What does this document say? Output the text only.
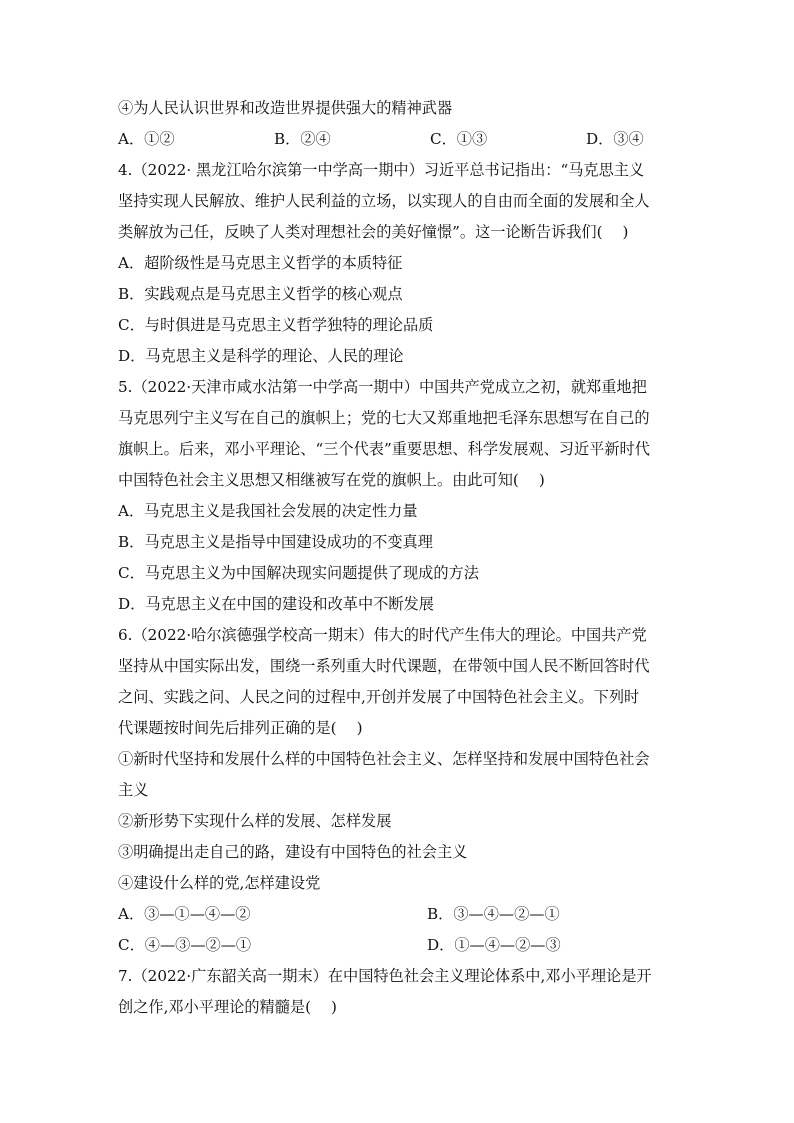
④为人民认识世界和改造世界提供强大的精神武器
A．①②	B．②④	C．①③	D．③④
4.（2022· 黑龙江哈尔滨第一中学高一期中）习近平总书记指出：“马克思主义
坚持实现人民解放、维护人民利益的立场，以实现人的自由而全面的发展和全人
类解放为己任，反映了人类对理想社会的美好憧憬”。这一论断告诉我们(　 )
A．超阶级性是马克思主义哲学的本质特征
B．实践观点是马克思主义哲学的核心观点
C．与时俱进是马克思主义哲学独特的理论品质
D．马克思主义是科学的理论、人民的理论
5.（2022·天津市咸水沽第一中学高一期中）中国共产党成立之初，就郑重地把
马克思列宁主义写在自己的旗帜上；党的七大又郑重地把毛泽东思想写在自己的
旗帜上。后来，邓小平理论、“三个代表”重要思想、科学发展观、习近平新时代
中国特色社会主义思想又相继被写在党的旗帜上。由此可知(　 )
A．马克思主义是我国社会发展的决定性力量
B．马克思主义是指导中国建设成功的不变真理
C．马克思主义为中国解决现实问题提供了现成的方法
D．马克思主义在中国的建设和改革中不断发展
6.（2022·哈尔滨德强学校高一期末）伟大的时代产生伟大的理论。中国共产党
坚持从中国实际出发，围绕一系列重大时代课题，在带领中国人民不断回答时代
之问、实践之问、人民之问的过程中,开创并发展了中国特色社会主义。下列时
代课题按时间先后排列正确的是(　 )
①新时代坚持和发展什么样的中国特色社会主义、怎样坚持和发展中国特色社会
主义
②新形势下实现什么样的发展、怎样发展
③明确提出走自己的路，建设有中国特色的社会主义
④建设什么样的党,怎样建设党
A．③—①—④—②	B．③—④—②—①
C．④—③—②—①	D．①—④—②—③
7.（2022·广东韶关高一期末）在中国特色社会主义理论体系中,邓小平理论是开
创之作,邓小平理论的精髓是(　 )
